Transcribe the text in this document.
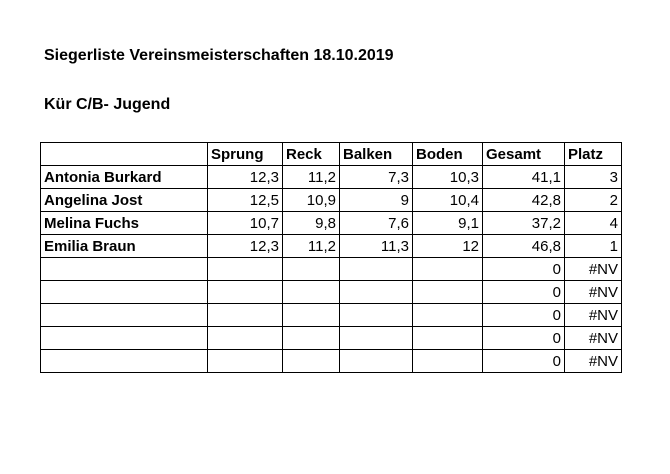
Siegerliste Vereinsmeisterschaften 18.10.2019
Kür C/B- Jugend
	Sprung	Reck	Balken	Boden	Gesamt	Platz
Antonia Burkard	12,3	11,2	7,3	10,3	41,1	3
Angelina Jost	12,5	10,9	9	10,4	42,8	2
Melina Fuchs	10,7	9,8	7,6	9,1	37,2	4
Emilia Braun	12,3	11,2	11,3	12	46,8	1
					0	#NV
					0	#NV
					0	#NV
					0	#NV
					0	#NV
